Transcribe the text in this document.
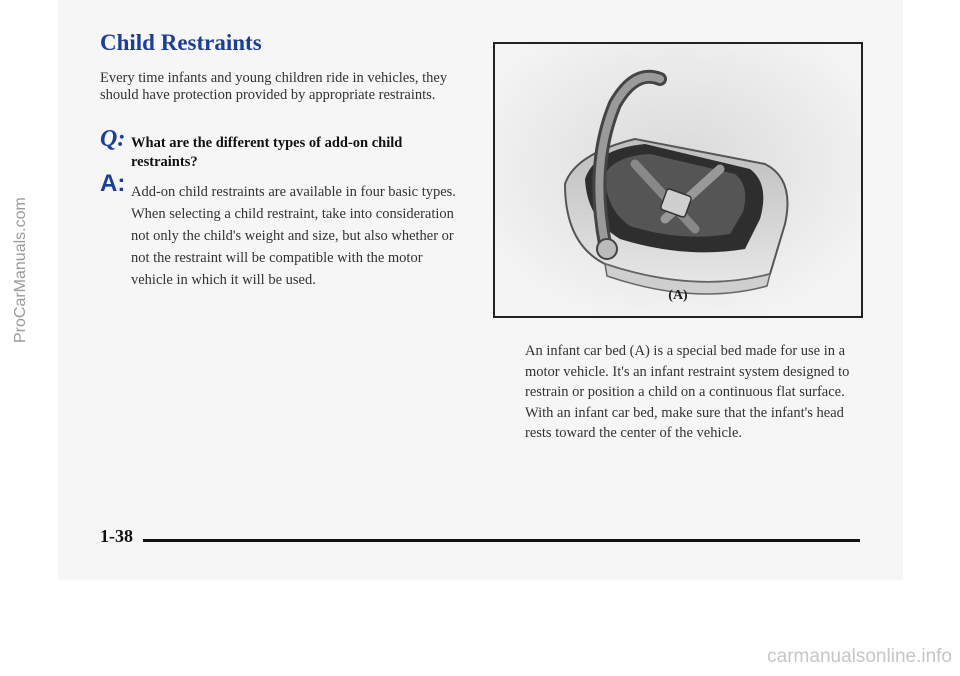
Child Restraints
Every time infants and young children ride in vehicles, they should have protection provided by appropriate restraints.
Q: What are the different types of add-on child restraints?
A: Add-on child restraints are available in four basic types. When selecting a child restraint, take into consideration not only the child's weight and size, but also whether or not the restraint will be compatible with the motor vehicle in which it will be used.
(A)
An infant car bed (A) is a special bed made for use in a motor vehicle. It's an infant restraint system designed to restrain or position a child on a continuous flat surface. With an infant car bed, make sure that the infant's head rests toward the center of the vehicle.
1-38
ProCarManuals.com
carmanualsonline.info
